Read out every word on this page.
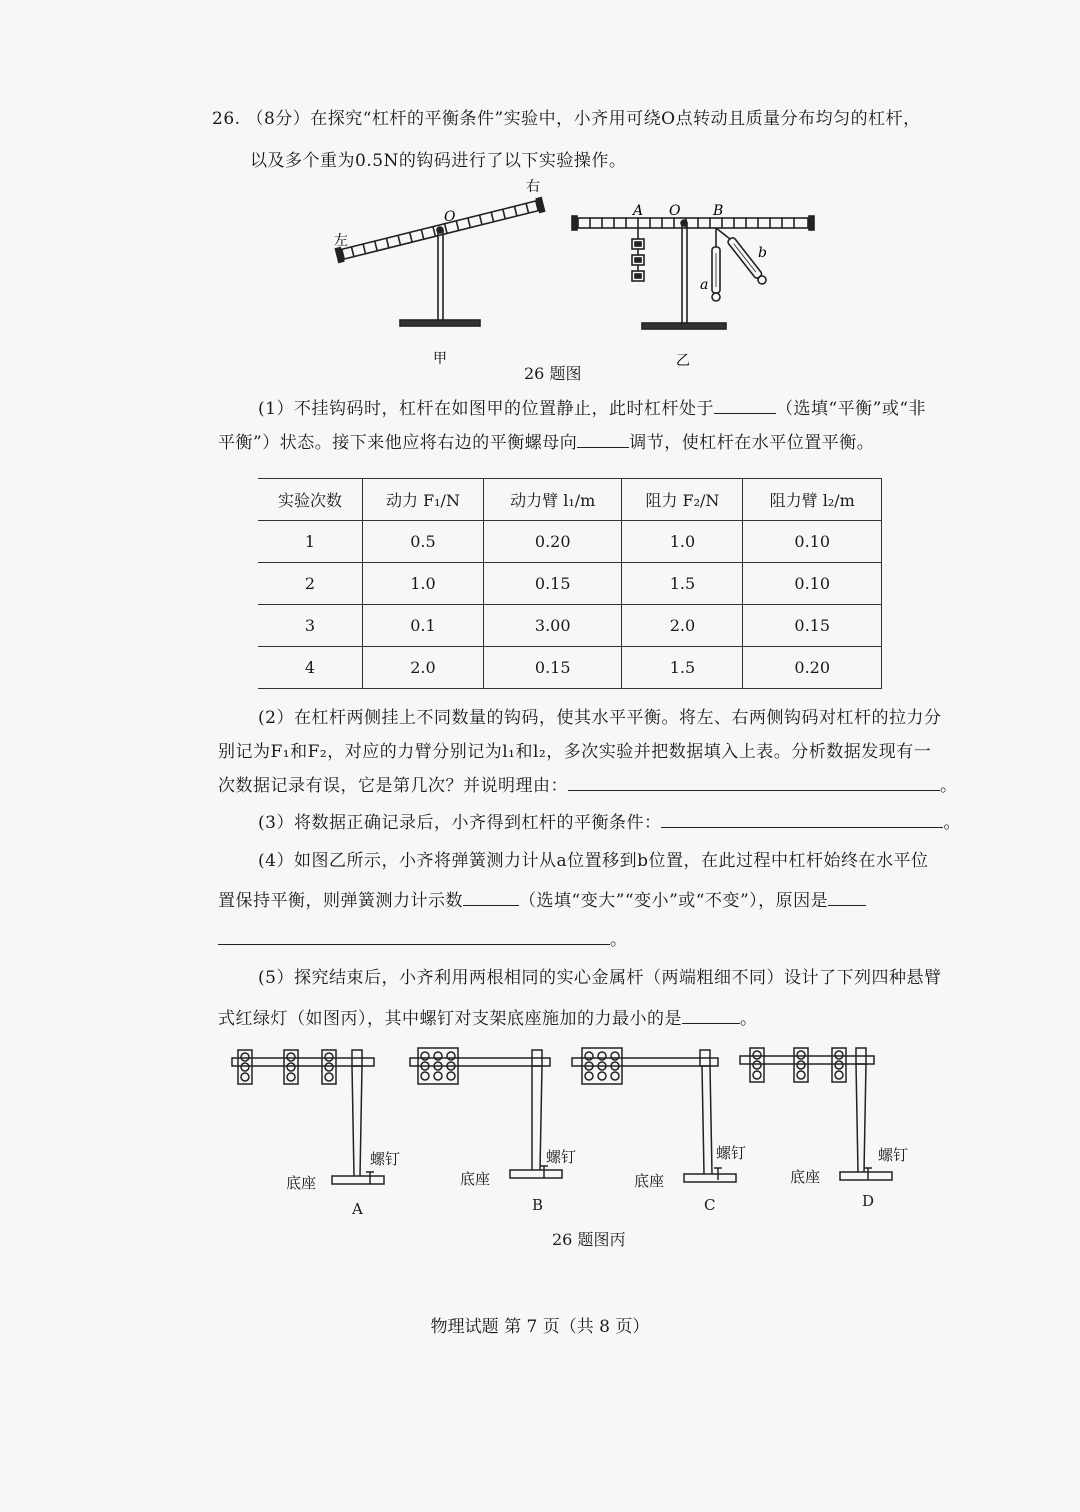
26. （8分）在探究“杠杆的平衡条件”实验中，小齐用可绕O点转动且质量分布均匀的杠杆，
以及多个重为0.5N的钩码进行了以下实验操作。
左
右
O	A O B
a
b
甲	乙
26 题图
(1）不挂钩码时，杠杆在如图甲的位置静止，此时杠杆处于	（选填“平衡”或“非
平衡”）状态。接下来他应将右边的平衡螺母向	调节，使杠杆在水平位置平衡。
实验次数	动力 F₁/N	动力臂 l₁/m	阻力 F₂/N	阻力臂 l₂/m
1	0.5	0.20	1.0	0.10
2	1.0	0.15	1.5	0.10
3	0.1	3.00	2.0	0.15
4	2.0	0.15	1.5	0.20
(2）在杠杆两侧挂上不同数量的钩码，使其水平平衡。将左、右两侧钩码对杠杆的拉力分
别记为F₁和F₂，对应的力臂分别记为l₁和l₂，多次实验并把数据填入上表。分析数据发现有一
次数据记录有误，它是第几次？并说明理由：	。
(3）将数据正确记录后，小齐得到杠杆的平衡条件：	。
(4）如图乙所示，小齐将弹簧测力计从a位置移到b位置，在此过程中杠杆始终在水平位
置保持平衡，则弹簧测力计示数	（选填“变大”“变小”或“不变”），原因是
。
(5）探究结束后，小齐利用两根相同的实心金属杆（两端粗细不同）设计了下列四种悬臂
式红绿灯（如图丙），其中螺钉对支架底座施加的力最小的是	。
螺钉
底座
A
螺钉
底座
B
螺钉
底座
C
螺钉
底座
D
26 题图丙
物理试题 第 7 页（共 8 页）
